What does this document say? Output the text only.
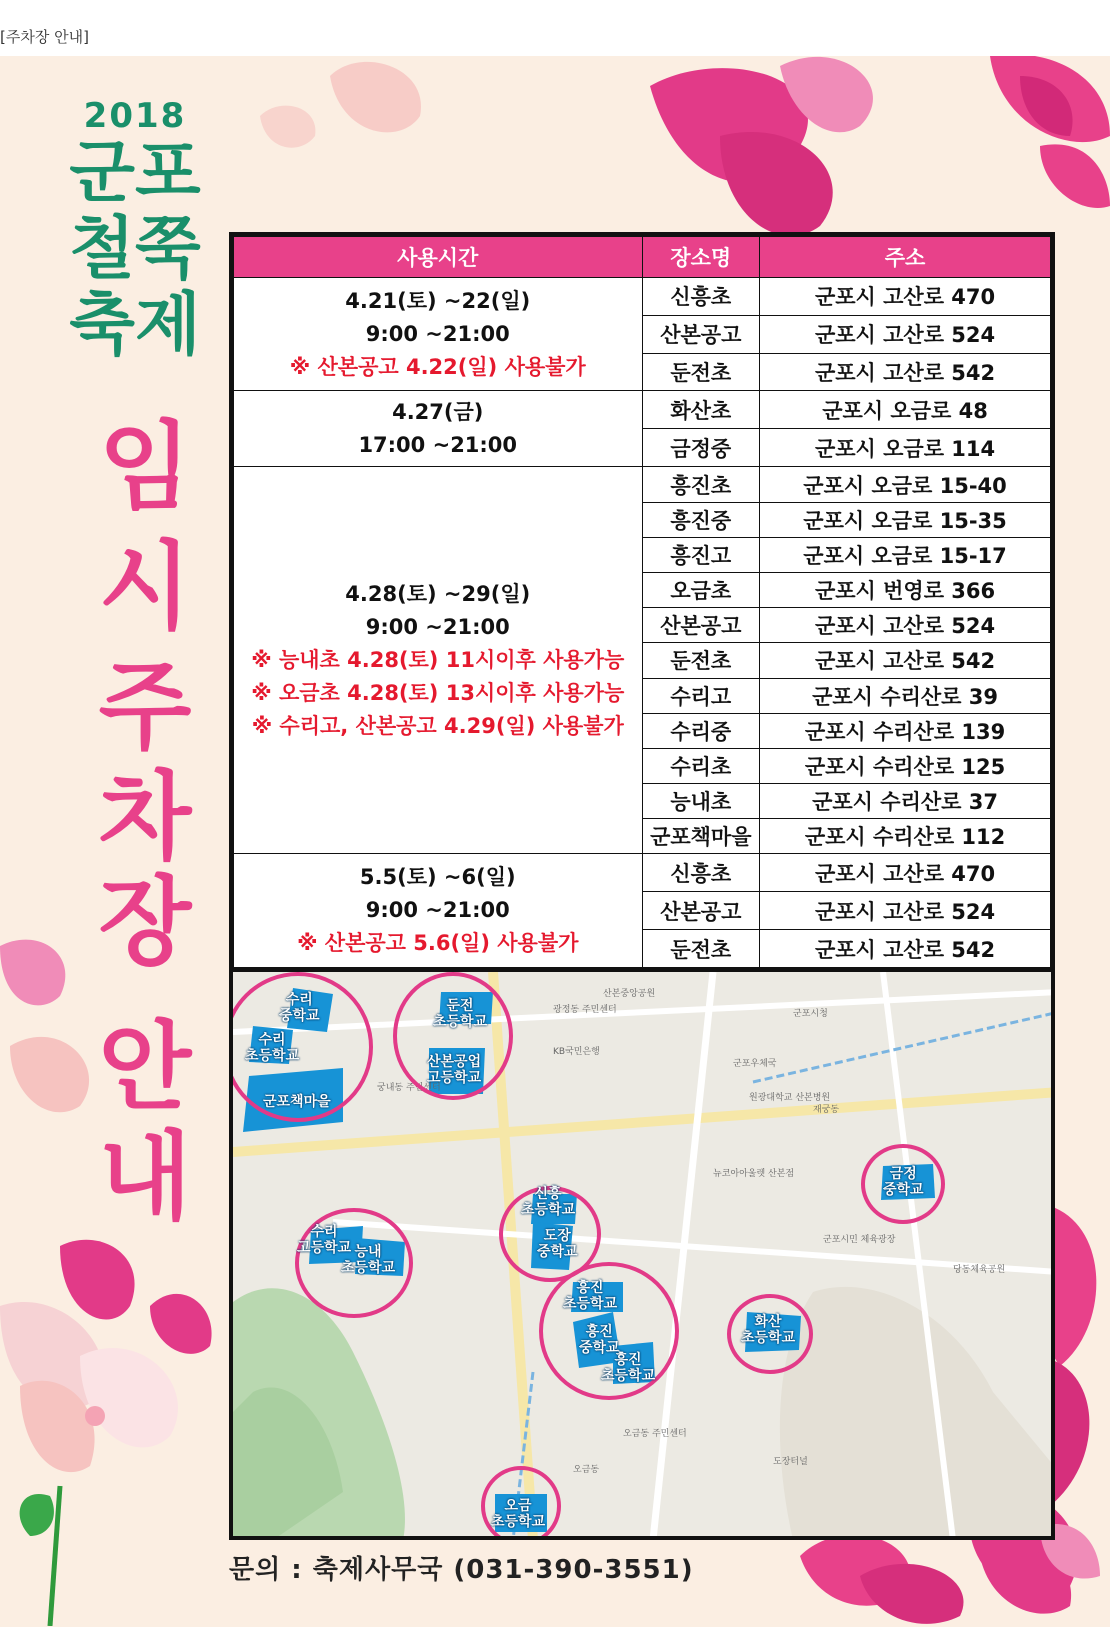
[주차장 안내]
2018
군포
철쭉
축제
임
시
주
차
장
안
내
사용시간	장소명	주소

4.21(토) ~22(일)
9:00 ~21:00
※ 산본공고 4.22(일) 사용불가	신흥초	군포시 고산로 470
	산본공고	군포시 고산로 524
	둔전초	군포시 고산로 542

4.27(금)
17:00 ~21:00	화산초	군포시 오금로 48
	금정중	군포시 오금로 114

4.28(토) ~29(일)
9:00 ~21:00
※ 능내초 4.28(토) 11시이후 사용가능
※ 오금초 4.28(토) 13시이후 사용가능
※ 수리고, 산본공고 4.29(일) 사용불가	흥진초	군포시 오금로 15-40
	흥진중	군포시 오금로 15-35
	흥진고	군포시 오금로 15-17
	오금초	군포시 번영로 366
	산본공고	군포시 고산로 524
	둔전초	군포시 고산로 542
	수리고	군포시 수리산로 39
	수리중	군포시 수리산로 139
	수리초	군포시 수리산로 125
	능내초	군포시 수리산로 37
	군포책마을	군포시 수리산로 112

5.5(토) ~6(일)
9:00 ~21:00
※ 산본공고 5.6(일) 사용불가	신흥초	군포시 고산로 470
	산본공고	군포시 고산로 524
	둔전초	군포시 고산로 542
군포시청
광정동 주민센터
산본중앙공원
KB국민은행
군포우체국
원광대학교 산본병원
뉴코아아울렛 산본점
군포시민 체육광장
궁내동 주민센터
도장터널
오금동 주민센터
당동체육공원
재궁동
오금동
수리
중학교
수리
초등학교
군포책마을
둔전
초등학교
산본공업
고등학교
수리
고등학교 능내
초등학교
신흥
초등학교
도장
중학교
흥진
초등학교
흥진
중학교
흥진
초등학교
화산
초등학교
금정
중학교
오금
초등학교
문의 : 축제사무국 (031-390-3551)
